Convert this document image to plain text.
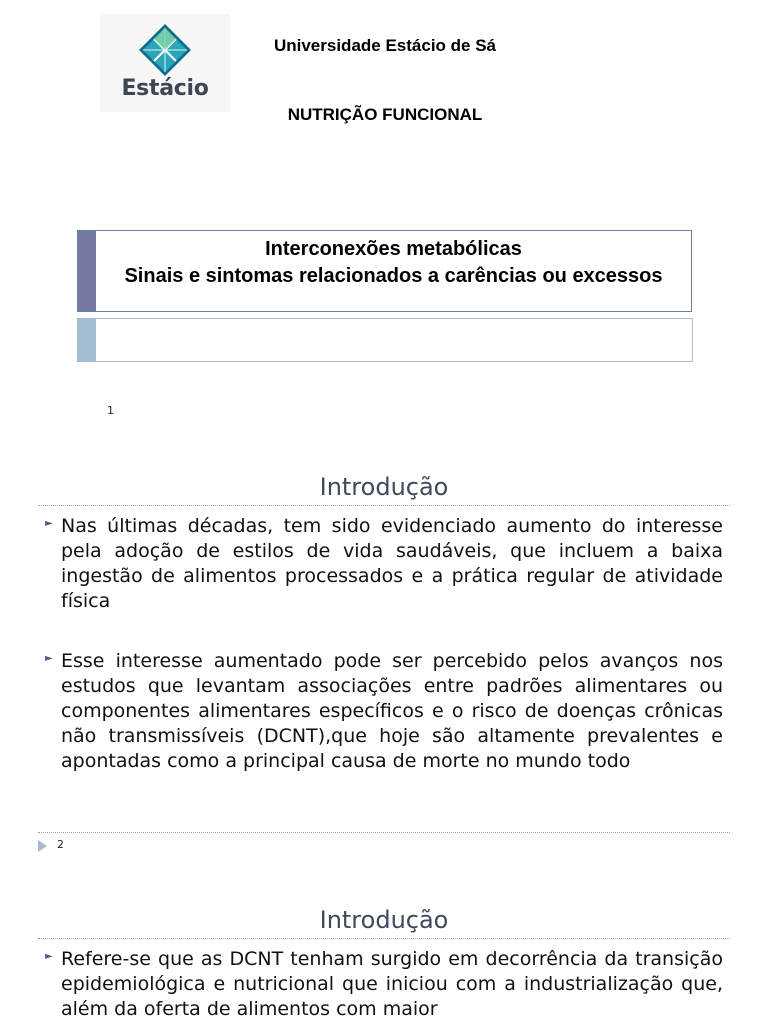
Estácio
Universidade Estácio de Sá
NUTRIÇÃO FUNCIONAL
Interconexões metabólicas
Sinais e sintomas relacionados a carências ou excessos
1
Introdução
► Nas últimas décadas, tem sido evidenciado aumento do interesse pela adoção de estilos de vida saudáveis, que incluem a baixa ingestão de alimentos processados e a prática regular de atividade física
► Esse interesse aumentado pode ser percebido pelos avanços nos estudos que levantam associações entre padrões alimentares ou componentes alimentares específicos e o risco de doenças crônicas não transmissíveis (DCNT),que hoje são altamente prevalentes e apontadas como a principal causa de morte no mundo todo
2
Introdução
► Refere-se que as DCNT tenham surgido em decorrência da transição epidemiológica e nutricional que iniciou com a industrialização que, além da oferta de alimentos com maior
